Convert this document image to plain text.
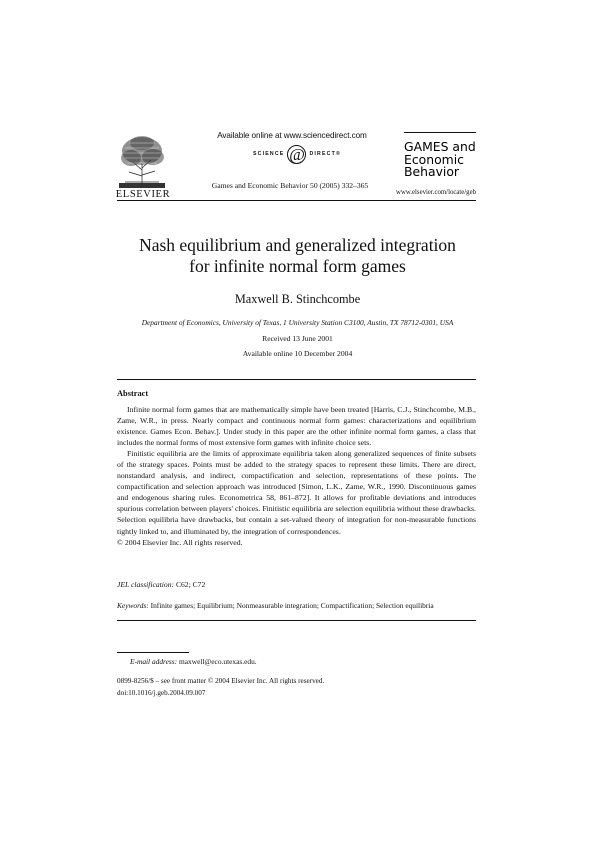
ELSEVIER
Available online at www.sciencedirect.com
SCIENCE @ DIRECT®
Games and Economic Behavior 50 (2005) 332–365
GAMES and
Economic
Behavior
www.elsevier.com/locate/geb
Nash equilibrium and generalized integration
for infinite normal form games
Maxwell B. Stinchcombe
Department of Economics, University of Texas, 1 University Station C3100, Austin, TX 78712-0301, USA
Received 13 June 2001
Available online 10 December 2004
Abstract

Infinite normal form games that are mathematically simple have been treated [Harris, C.J., Stinchcombe, M.B., Zame, W.R., in press. Nearly compact and continuous normal form games: characterizations and equilibrium existence. Games Econ. Behav.]. Under study in this paper are the other infinite normal form games, a class that includes the normal forms of most extensive form games with infinite choice sets.

Finitistic equilibria are the limits of approximate equilibria taken along generalized sequences of finite subsets of the strategy spaces. Points must be added to the strategy spaces to represent these limits. There are direct, nonstandard analysis, and indirect, compactification and selection, representations of these points. The compactification and selection approach was introduced [Simon, L.K., Zame, W.R., 1990. Discontinuous games and endogenous sharing rules. Econometrica 58, 861–872]. It allows for profitable deviations and introduces spurious correlation between players' choices. Finitistic equilibria are selection equilibria without these drawbacks. Selection equilibria have drawbacks, but contain a set-valued theory of integration for non-measurable functions tightly linked to, and illuminated by, the integration of correspondences.

© 2004 Elsevier Inc. All rights reserved.

JEL classification: C62; C72
Keywords: Infinite games; Equilibrium; Nonmeasurable integration; Compactification; Selection equilibria
E-mail address: maxwell@eco.utexas.edu.
0899-8256/$ – see front matter © 2004 Elsevier Inc. All rights reserved.
doi:10.1016/j.geb.2004.09.007
